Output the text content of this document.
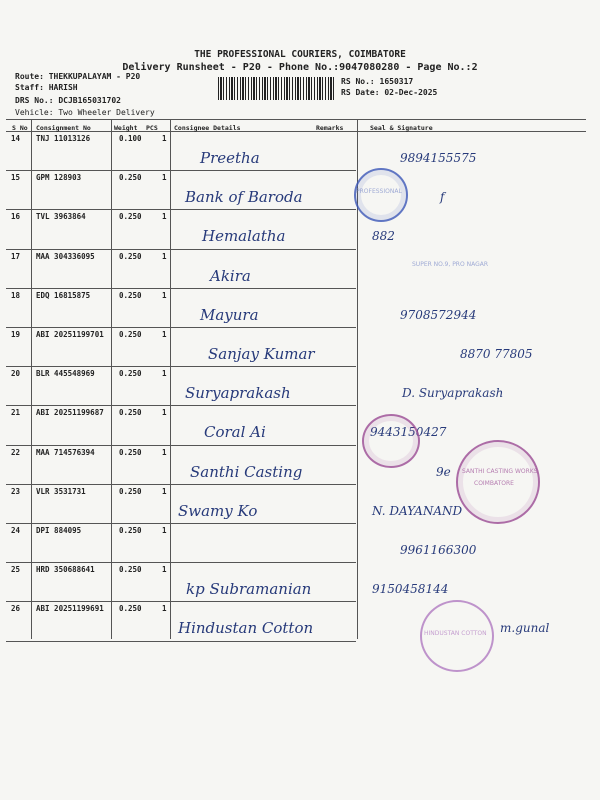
THE PROFESSIONAL COURIERS, COIMBATORE
Delivery Runsheet - P20 - Phone No.:9047080280 - Page No.:2
Route: THEKKUPALAYAM - P20
Staff: HARISH
DRS No.: DCJB165031702
Vehicle: Two Wheeler Delivery
RS No.: 1650317
RS Date: 02-Dec-2025
S No Consignment No	Weight PCS	Consignee Details	Remarks	Seal & Signature
14 TNJ 11013126	0.100	1
Preetha	9894155575
15 GPM 128903	0.250	1
Bank of Baroda	f
16 TVL 3963864	0.250	1
Hemalatha	882
17 MAA 304336095	0.250	1
Akira
18 EDQ 16815875	0.250	1
Mayura	9708572944
19 ABI 20251199701 0.250	1
Sanjay Kumar	8870 77805
20 BLR 445548969	0.250	1
Suryaprakash	D. Suryaprakash
21 ABI 20251199687 0.250	1
Coral Ai	9443150427
22 MAA 714576394	0.250	1
Santhi Casting	9e
23 VLR 3531731	0.250	1
Swamy Ko	N. DAYANAND
24 DPI 884095	0.250	1
9961166300
25 HRD 350688641	0.250	1
kp Subramanian	9150458144
26 ABI 20251199691 0.250	1
Hindustan Cotton	m.gunal
PROFESSIONAL
SUPER NO.9, PRO NAGAR
SANTHI CASTING WORKS
COIMBATORE
HINDUSTAN COTTON
